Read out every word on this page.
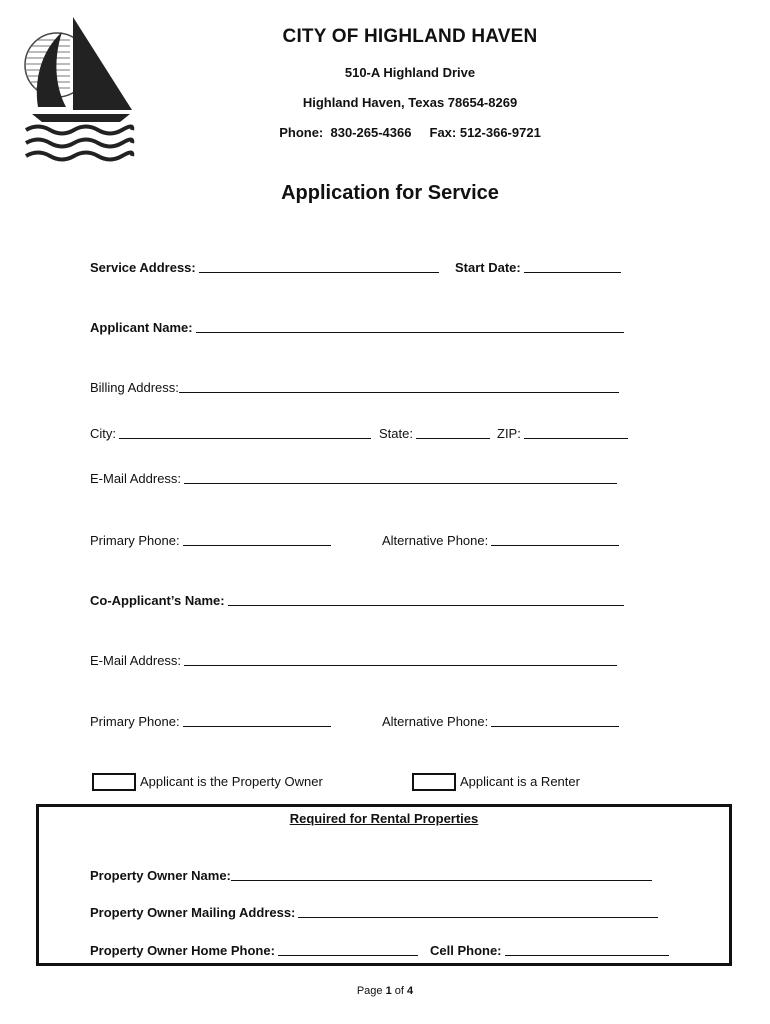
CITY OF HIGHLAND HAVEN
510-A Highland Drive
Highland Haven, Texas 78654-8269
Phone:  830-265-4366     Fax: 512-366-9721
Application for Service
Service Address:	Start Date:
Applicant Name:
Billing Address:
City:	State:	ZIP:
E-Mail Address:
Primary Phone:	Alternative Phone:
Co-Applicant’s Name:
E-Mail Address:
Primary Phone:	Alternative Phone:
Applicant is the Property Owner	Applicant is a Renter
Required for Rental Properties
Property Owner Name:
Property Owner Mailing Address:
Property Owner Home Phone:	Cell Phone:
Page 1 of 4
